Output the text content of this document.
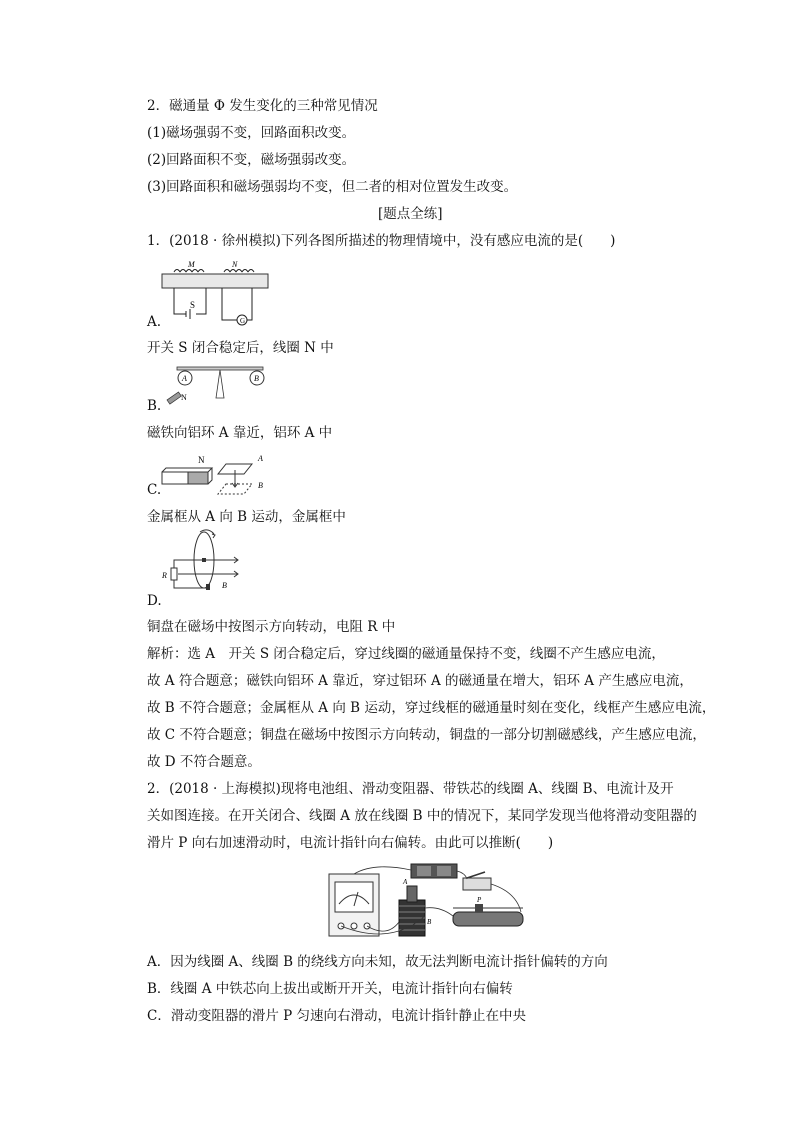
2．磁通量 Φ 发生变化的三种常见情况
(1)磁场强弱不变，回路面积改变。
(2)回路面积不变，磁场强弱改变。
(3)回路面积和磁场强弱均不变，但二者的相对位置发生改变。
[题点全练]
1．(2018 · 徐州模拟)下列各图所描述的物理情境中，没有感应电流的是(　　)
G
M	N
S
A.
开关 S 闭合稳定后，线圈 N 中
A	B
N
B.
磁铁向铝环 A 靠近，铝环 A 中
N	A
B
C.
金属框从 A 向 B 运动，金属框中
R
B
D.
铜盘在磁场中按图示方向转动，电阻 R 中
解析：选 A　开关 S 闭合稳定后，穿过线圈的磁通量保持不变，线圈不产生感应电流，
故 A 符合题意；磁铁向铝环 A 靠近，穿过铝环 A 的磁通量在增大，铝环 A 产生感应电流，
故 B 不符合题意；金属框从 A 向 B 运动，穿过线框的磁通量时刻在变化，线框产生感应电流，
故 C 不符合题意；铜盘在磁场中按图示方向转动，铜盘的一部分切割磁感线，产生感应电流，
故 D 不符合题意。
2．(2018 · 上海模拟)现将电池组、滑动变阻器、带铁芯的线圈 A、线圈 B、电流计及开
关如图连接。在开关闭合、线圈 A 放在线圈 B 中的情况下，某同学发现当他将滑动变阻器的
滑片 P 向右加速滑动时，电流计指针向右偏转。由此可以推断(　　)
A
B
P
A．因为线圈 A、线圈 B 的绕线方向未知，故无法判断电流计指针偏转的方向
B．线圈 A 中铁芯向上拔出或断开开关，电流计指针向右偏转
C．滑动变阻器的滑片 P 匀速向右滑动，电流计指针静止在中央
